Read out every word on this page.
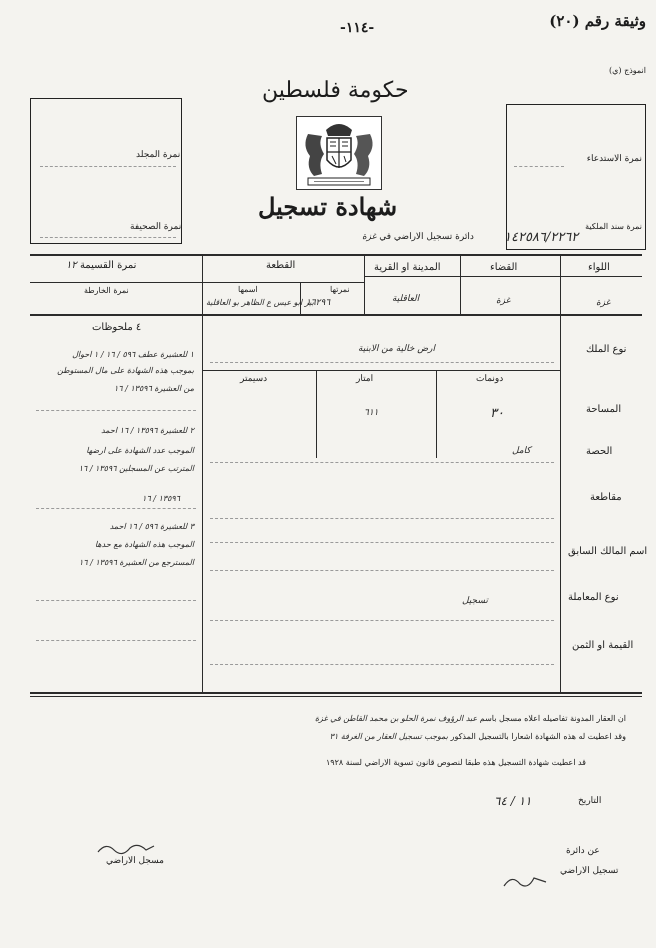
وثيقة رقم (٢٠)
-١١٤-
انموذج (ي)
حكومة فلسطين
شهادة تسجيل
دائرة تسجيل الاراضي في غزة
نمرة المجلد
نمرة الصحيفة
نمرة الاستدعاء
نمرة سند الملكية
١٤٢٥٨٦/٢٢٦٢
اللواء
القضاء
المدينة او القرية
القطعة
نمرتها
اسمها
نمرة القسيمة ١٢
نمرة الخارطة
غزة
غزة
العاقلية
١٦٢٩٦
بير ابو عيس ع الظاهر بو العاقلية
نوع الملك
ارض خالية من الابنية
دونمات
امتار
دسيمتر
المساحة
٣٠
٦١١
الحصة
كامل
مقاطعة
اسم المالك السابق
نوع المعاملة
تسجيل
القيمة او الثمن
٤ ملحوظات
١ للعشيرة عطف ٥٩٦ / ١٦ / ١ احوال
بموجب هذه الشهادة على مال المستوطن
من العشيرة ١٣٥٩٦ / ١٦
٢ للعشيرة ١٣٥٩٦ / ١٦ احمد
الموجب عدد الشهادة على ارضها
المترتب عن المسجلين ١٣٥٩٦ / ١٦
١٣٥٩٦ / ١٦
٣ للعشيرة ٥٩٦ / ١٦ احمد
الموجب هذه الشهادة مع حدها
المسترجع من العشيرة ١٣٥٩٦ / ١٦
ان العقار المدونة تفاصيله اعلاه مسجل باسم عبد الرؤوف نمرة الحلو بن محمد القاطن في غزة
وقد اعطيت له هذه الشهادة اشعارا بالتسجيل المذكور بموجب تسجيل العقار من الغرفة ٣١
قد اعطيت شهادة التسجيل هذه طبقا لنصوص قانون تسوية الاراضي لسنة ١٩٢٨
التاريخ
١١ / ٦٤
مسجل الاراضي
عن دائرة
تسجيل الاراضي
